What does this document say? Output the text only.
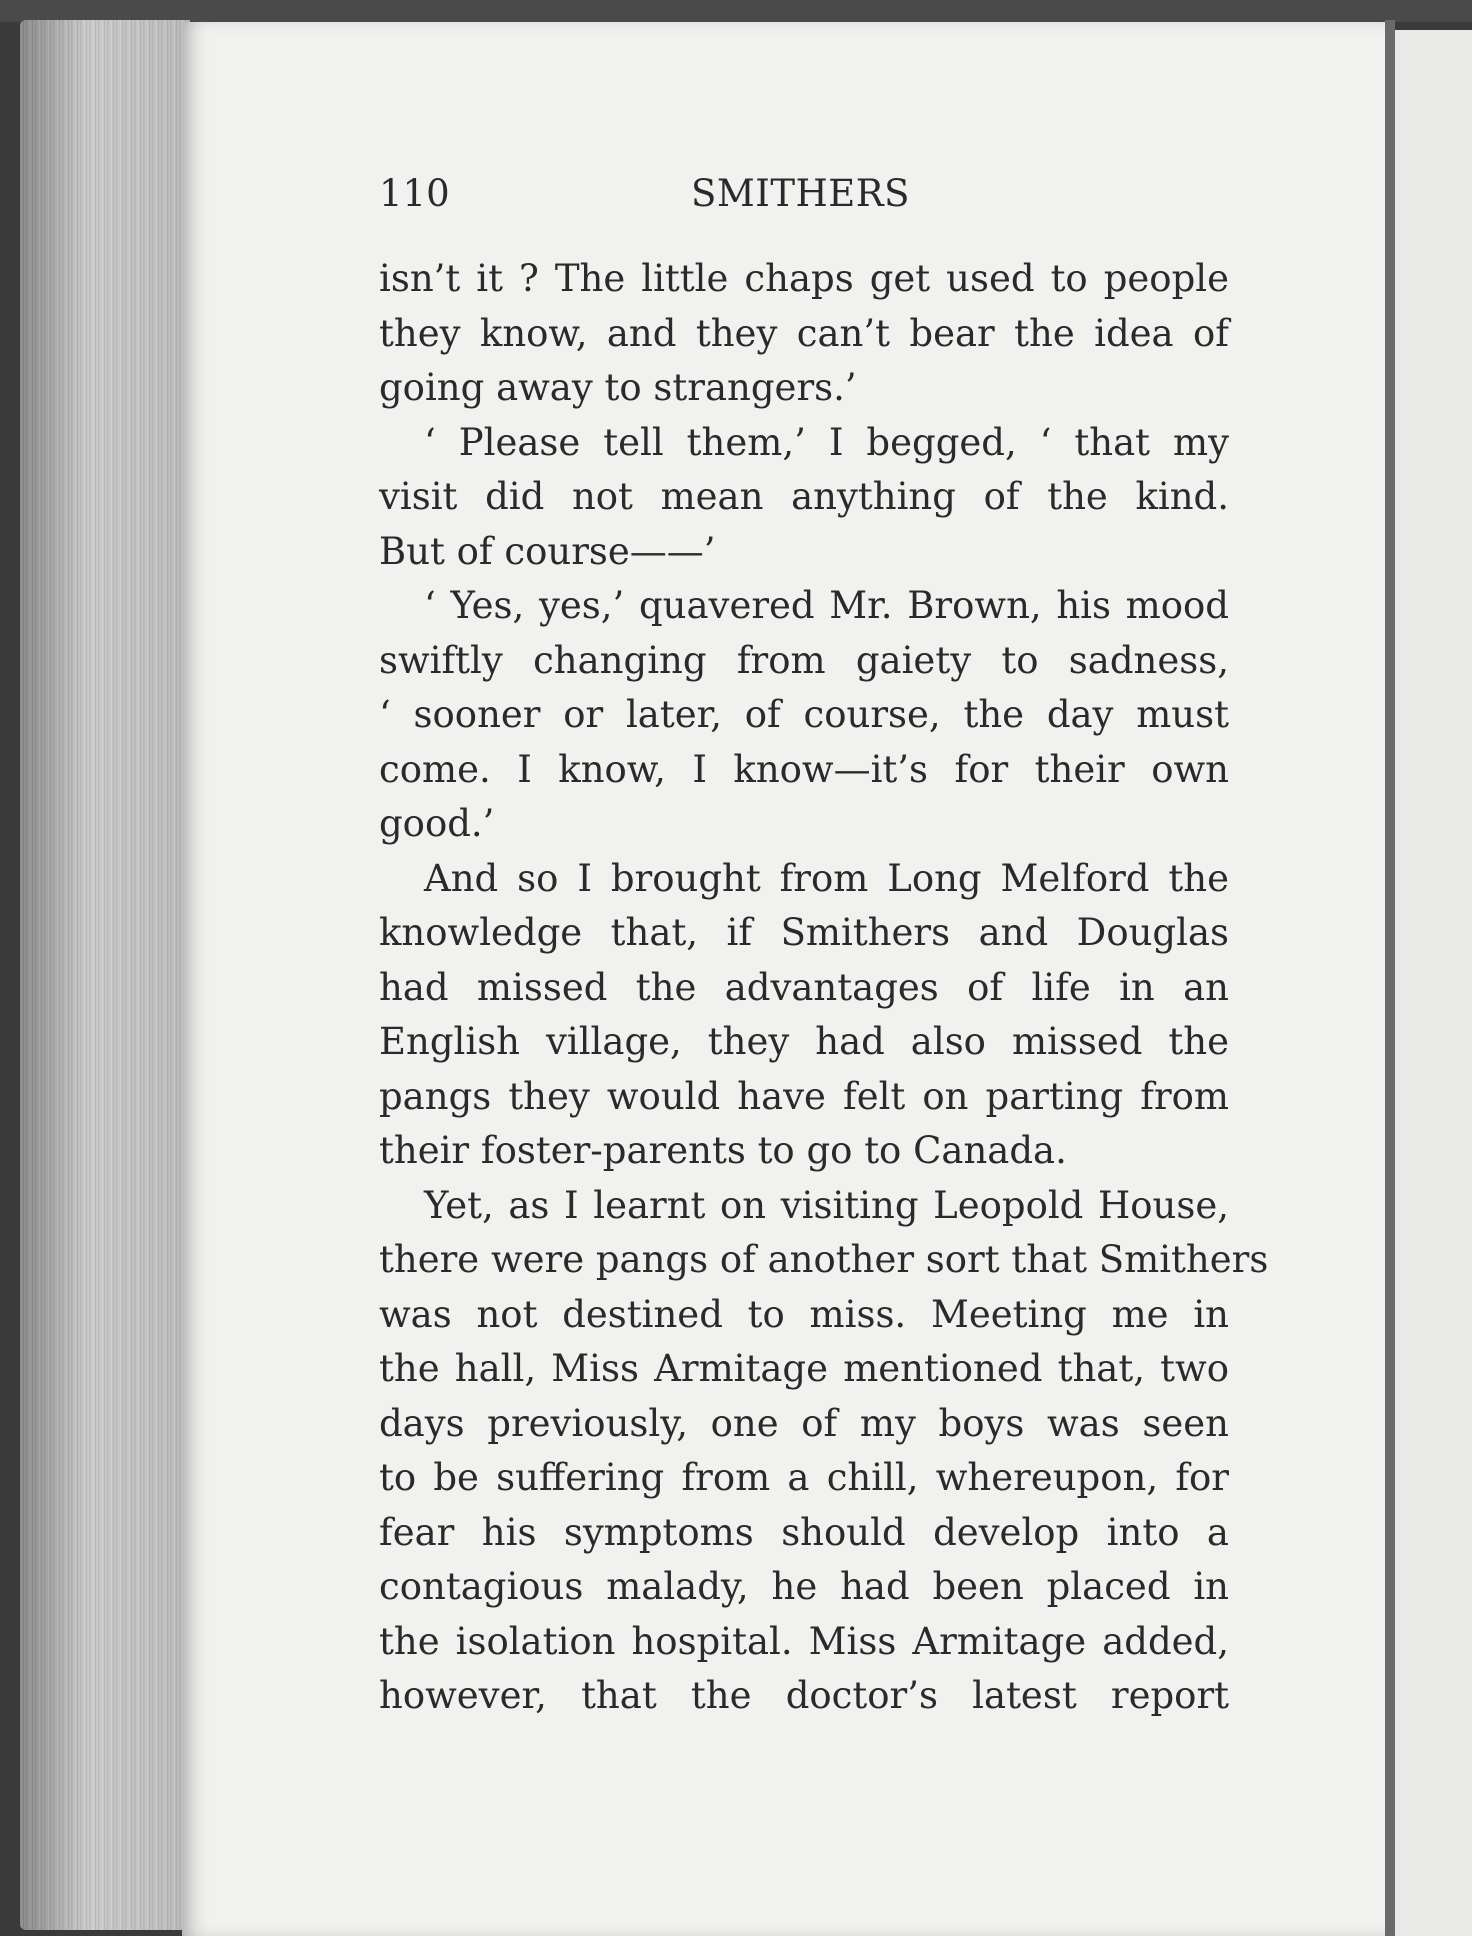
110	SMITHERS
isn’t it ? The little chaps get used to people
they know, and they can’t bear the idea of
going away to strangers.’
‘ Please tell them,’ I begged, ‘ that my
visit did not mean anything of the kind.
But of course——’
‘ Yes, yes,’ quavered Mr. Brown, his mood
swiftly changing from gaiety to sadness,
‘ sooner or later, of course, the day must
come. I know, I know—it’s for their own
good.’
And so I brought from Long Melford the
knowledge that, if Smithers and Douglas
had missed the advantages of life in an
English village, they had also missed the
pangs they would have felt on parting from
their foster-parents to go to Canada.
Yet, as I learnt on visiting Leopold House,
there were pangs of another sort that Smithers
was not destined to miss. Meeting me in
the hall, Miss Armitage mentioned that, two
days previously, one of my boys was seen
to be suffering from a chill, whereupon, for
fear his symptoms should develop into a
contagious malady, he had been placed in
the isolation hospital. Miss Armitage added,
however, that the doctor’s latest report
